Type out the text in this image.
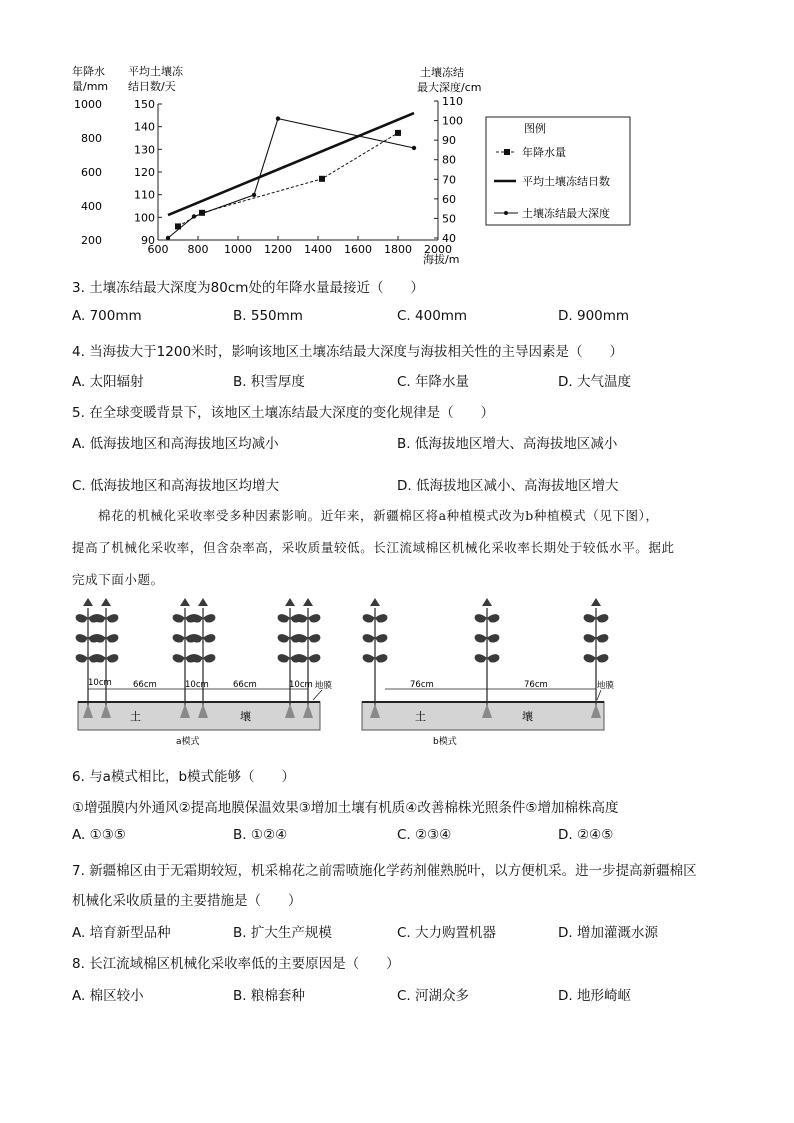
年降水
量/mm
平均土壤冻
结日数/天
土壤冻结
最大深度/cm
200
400
600
800
1000
90
100
110
120
130
140
150
40
50
60
70
80
90
100
110
600 800 1000 1200 1400 1600 1800 2000
海拔/m
图例
年降水量
平均土壤冻结日数
土壤冻结最大深度
3. 土壤冻结最大深度为80cm处的年降水量最接近（　　）
A. 700mm	B. 550mm	C. 400mm	D. 900mm
4. 当海拔大于1200米时，影响该地区土壤冻结最大深度与海拔相关性的主导因素是（　　）
A. 太阳辐射	B. 积雪厚度	C. 年降水量	D. 大气温度
5. 在全球变暖背景下，该地区土壤冻结最大深度的变化规律是（　　）
A. 低海拔地区和高海拔地区均减小	B. 低海拔地区增大、高海拔地区减小
C. 低海拔地区和高海拔地区均增大	D. 低海拔地区减小、高海拔地区增大
棉花的机械化采收率受多种因素影响。近年来，新疆棉区将a种植模式改为b种植模式（见下图），
提高了机械化采收率，但含杂率高，采收质量较低。长江流域棉区机械化采收率长期处于较低水平。据此
完成下面小题。
10cm 66cm	10cm	66cm	10cm 地膜	76cm	76cm	地膜
土	壤	土	壤
a模式	b模式
6. 与a模式相比，b模式能够（　　）
①增强膜内外通风②提高地膜保温效果③增加土壤有机质④改善棉株光照条件⑤增加棉株高度
A. ①③⑤	B. ①②④	C. ②③④	D. ②④⑤
7. 新疆棉区由于无霜期较短，机采棉花之前需喷施化学药剂催熟脱叶，以方便机采。进一步提高新疆棉区
机械化采收质量的主要措施是（　　）
A. 培育新型品种	B. 扩大生产规模	C. 大力购置机器	D. 增加灌溉水源
8. 长江流域棉区机械化采收率低的主要原因是（　　）
A. 棉区较小	B. 粮棉套种	C. 河湖众多	D. 地形崎岖
